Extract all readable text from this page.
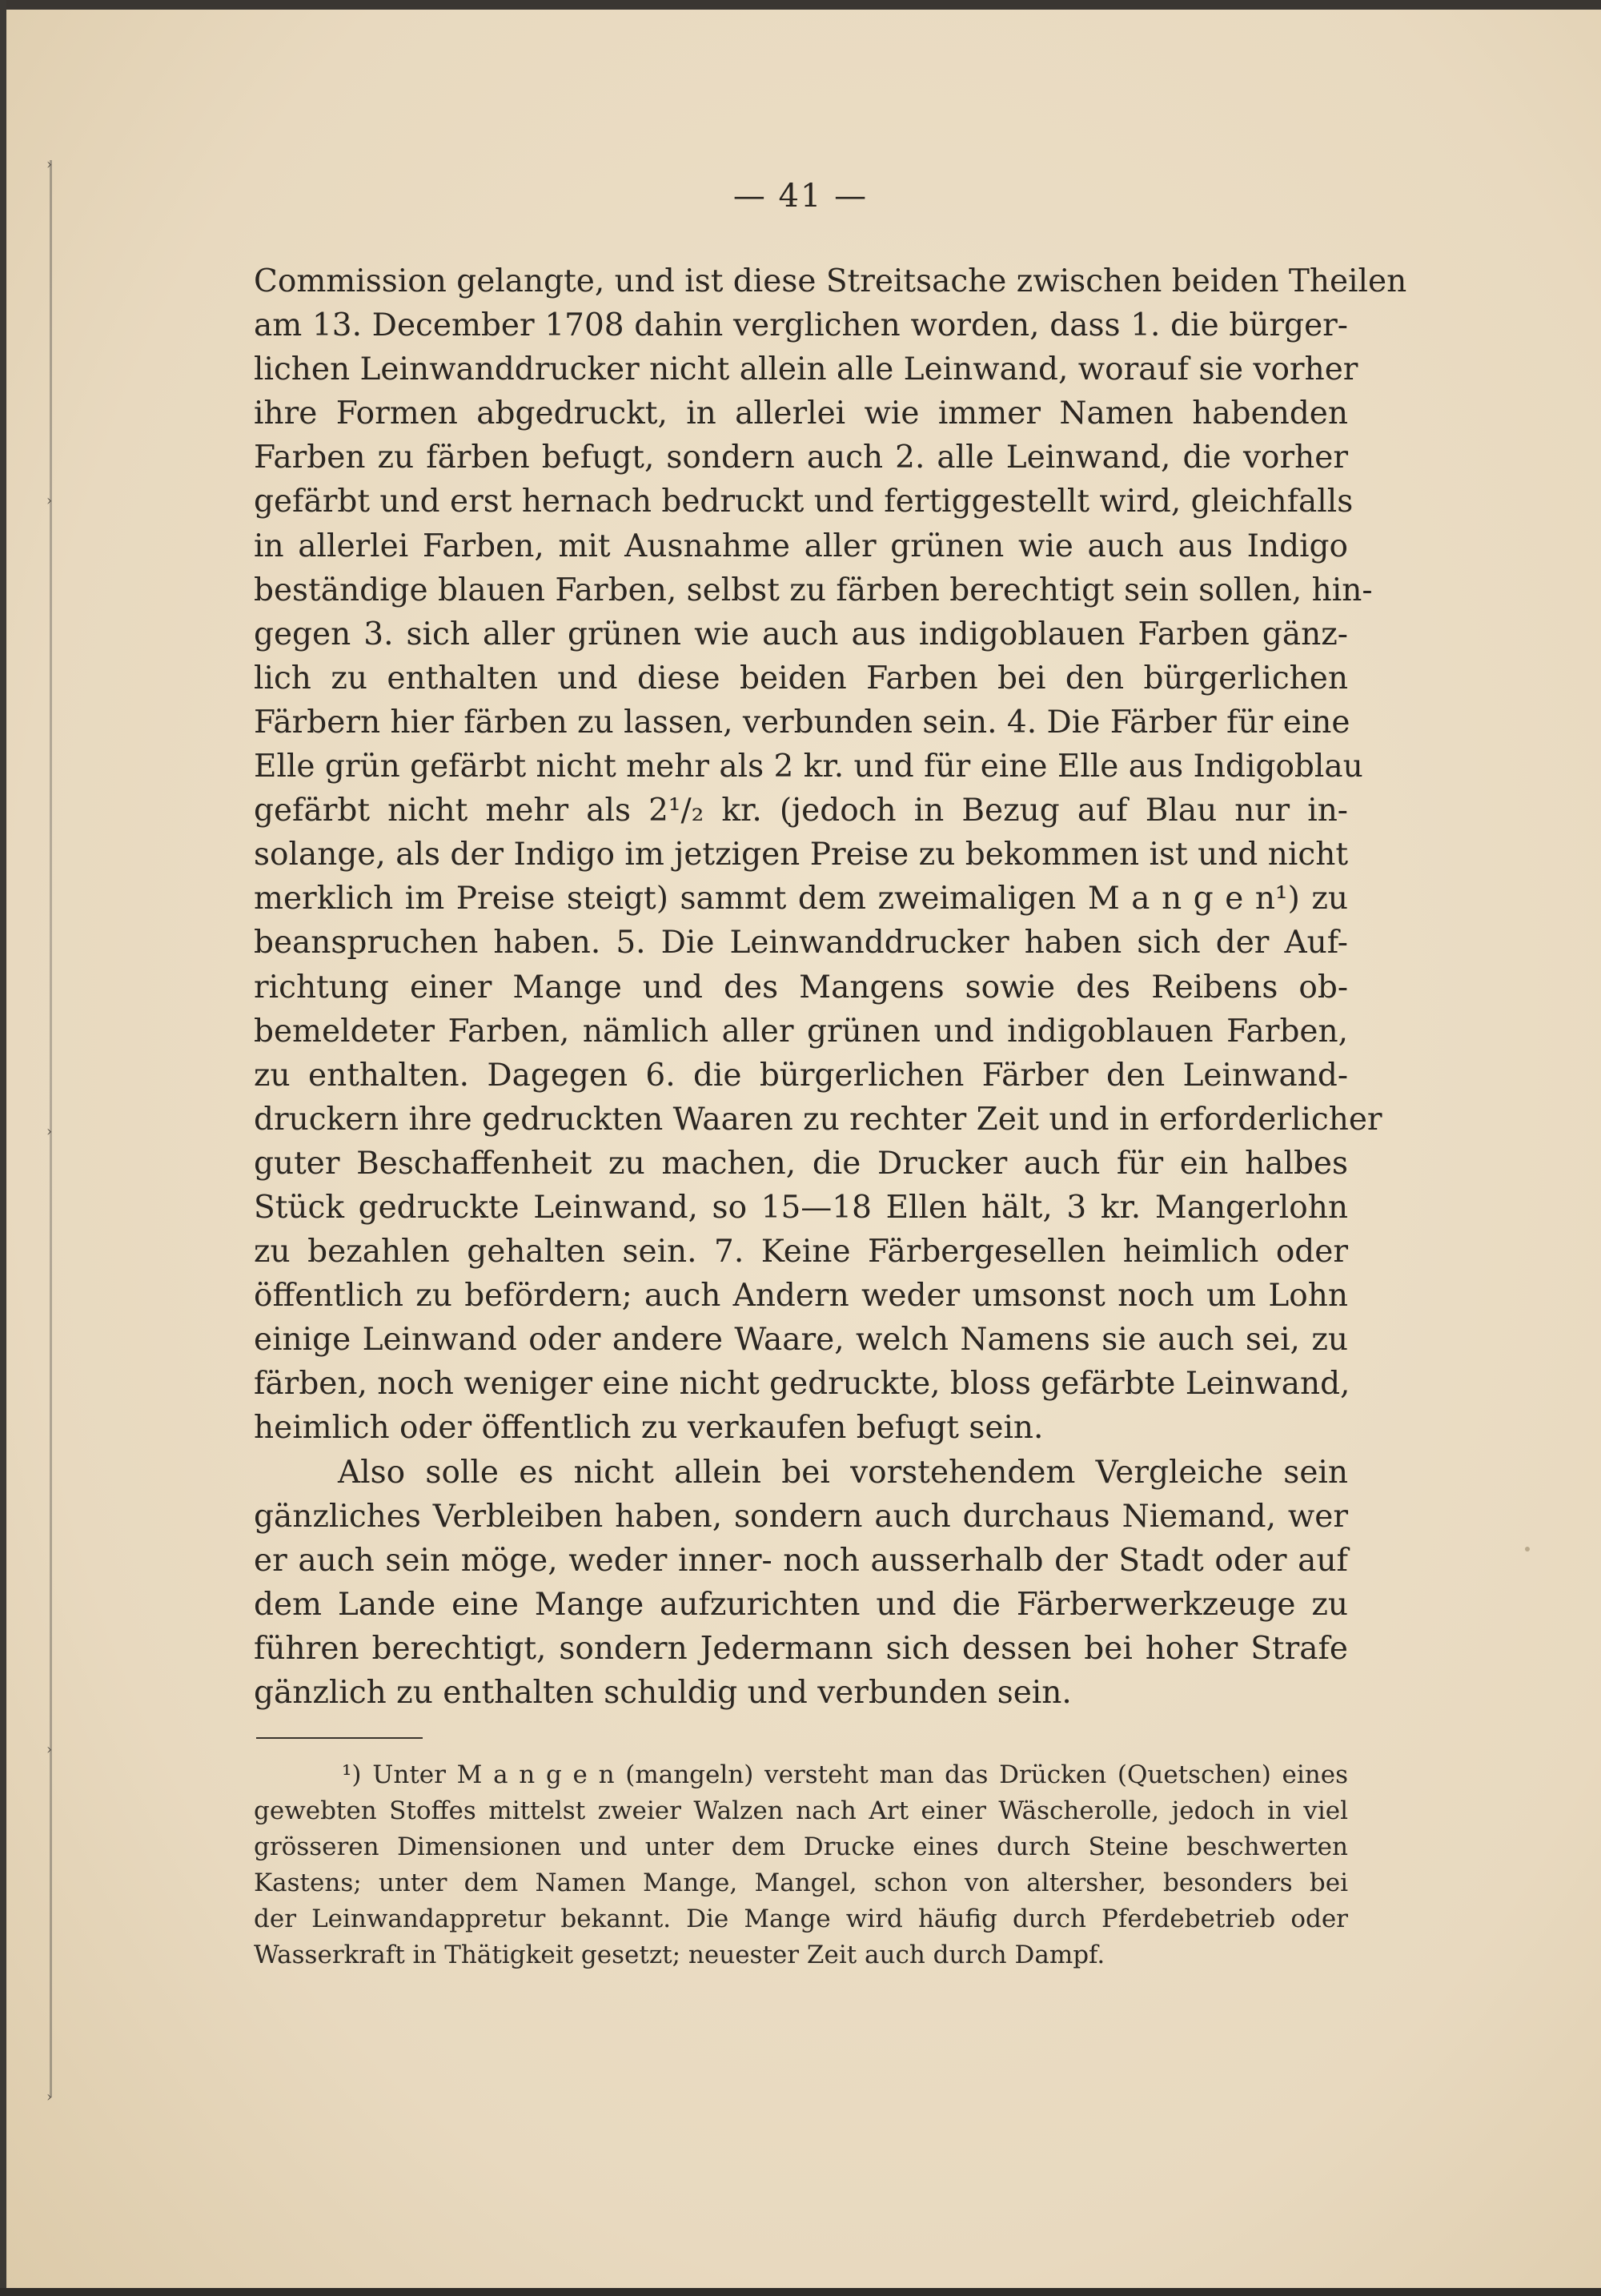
›
›
›
›
›
— 41 —
Commission gelangte, und ist diese Streitsache zwischen beiden Theilen
am 13. December 1708 dahin verglichen worden, dass 1. die bürger-
lichen Leinwanddrucker nicht allein alle Leinwand, worauf sie vorher
ihre Formen abgedruckt, in allerlei wie immer Namen habenden
Farben zu färben befugt, sondern auch 2. alle Leinwand, die vorher
gefärbt und erst hernach bedruckt und fertiggestellt wird, gleichfalls
in allerlei Farben, mit Ausnahme aller grünen wie auch aus Indigo
beständige blauen Farben, selbst zu färben berechtigt sein sollen, hin-
gegen 3. sich aller grünen wie auch aus indigoblauen Farben gänz-
lich zu enthalten und diese beiden Farben bei den bürgerlichen
Färbern hier färben zu lassen, verbunden sein. 4. Die Färber für eine
Elle grün gefärbt nicht mehr als 2 kr. und für eine Elle aus Indigoblau
gefärbt nicht mehr als 2¹/₂ kr. (jedoch in Bezug auf Blau nur in-
solange, als der Indigo im jetzigen Preise zu bekommen ist und nicht
merklich im Preise steigt) sammt dem zweimaligen M a n g e n¹) zu
beanspruchen haben. 5. Die Leinwanddrucker haben sich der Auf-
richtung einer Mange und des Mangens sowie des Reibens ob-
bemeldeter Farben, nämlich aller grünen und indigoblauen Farben,
zu enthalten. Dagegen 6. die bürgerlichen Färber den Leinwand-
druckern ihre gedruckten Waaren zu rechter Zeit und in erforderlicher
guter Beschaffenheit zu machen, die Drucker auch für ein halbes
Stück gedruckte Leinwand, so 15—18 Ellen hält, 3 kr. Mangerlohn
zu bezahlen gehalten sein. 7. Keine Färbergesellen heimlich oder
öffentlich zu befördern; auch Andern weder umsonst noch um Lohn
einige Leinwand oder andere Waare, welch Namens sie auch sei, zu
färben, noch weniger eine nicht gedruckte, bloss gefärbte Leinwand,
heimlich oder öffentlich zu verkaufen befugt sein.
Also solle es nicht allein bei vorstehendem Vergleiche sein
gänzliches Verbleiben haben, sondern auch durchaus Niemand, wer
er auch sein möge, weder inner- noch ausserhalb der Stadt oder auf
dem Lande eine Mange aufzurichten und die Färberwerkzeuge zu
führen berechtigt, sondern Jedermann sich dessen bei hoher Strafe
gänzlich zu enthalten schuldig und verbunden sein.
¹) Unter M a n g e n (mangeln) versteht man das Drücken (Quetschen) eines
gewebten Stoffes mittelst zweier Walzen nach Art einer Wäscherolle, jedoch in viel
grösseren Dimensionen und unter dem Drucke eines durch Steine beschwerten
Kastens; unter dem Namen Mange, Mangel, schon von altersher, besonders bei
der Leinwandappretur bekannt. Die Mange wird häufig durch Pferdebetrieb oder
Wasserkraft in Thätigkeit gesetzt; neuester Zeit auch durch Dampf.
